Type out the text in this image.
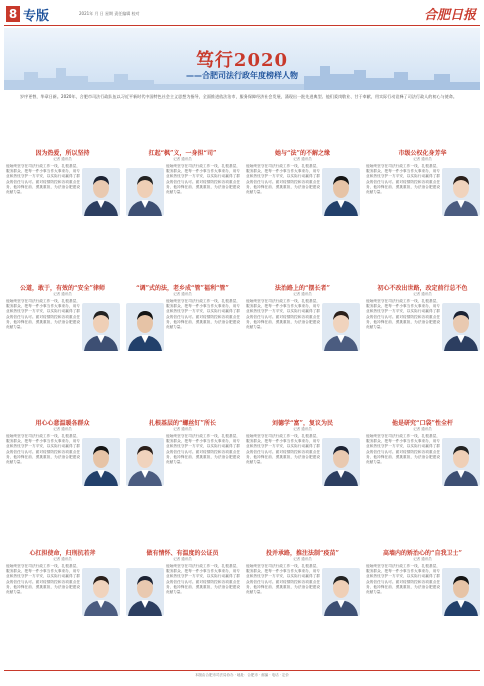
8 专版	2021年 月 日 星期 责任编辑 校对	合肥日报
笃行2020
——合肥司法行政年度榜样人物
岁序更替，华章日新。2020年，合肥市司法行政队伍以习近平新时代中国特色社会主义思想为指导，全面推进依法治市，服务保障经济社会发展，涌现出一批先进典型。他们爱岗敬业、甘于奉献，用实际行动诠释了司法行政人的初心与使命。
因为热爱，所以坚持
记者 通讯员
他始终坚守在司法行政工作一线，扎根基层，服务群众，把每一件小事当作大事来办，用专业和热忱守护一方平安，以实际行动赢得了群众的信任与认可。面对疫情防控和各项重点任务，他冲锋在前、勇挑重担，为法治合肥建设贡献力量。
扛起“枫”义，一身担“司”
记者 通讯员
他始终坚守在司法行政工作一线，扎根基层，服务群众，把每一件小事当作大事来办，用专业和热忱守护一方平安，以实际行动赢得了群众的信任与认可。面对疫情防控和各项重点任务，他冲锋在前、勇挑重担，为法治合肥建设贡献力量。
她与“法”的不解之缘
记者 通讯员
他始终坚守在司法行政工作一线，扎根基层，服务群众，把每一件小事当作大事来办，用专业和热忱守护一方平安，以实际行动赢得了群众的信任与认可。面对疫情防控和各项重点任务，他冲锋在前、勇挑重担，为法治合肥建设贡献力量。
市级公权化身芳华
记者 通讯员
他始终坚守在司法行政工作一线，扎根基层，服务群众，把每一件小事当作大事来办，用专业和热忱守护一方平安，以实际行动赢得了群众的信任与认可。面对疫情防控和各项重点任务，他冲锋在前、勇挑重担，为法治合肥建设贡献力量。
公道，敢于，有效的“安全”律师
记者 通讯员
他始终坚守在司法行政工作一线，扎根基层，服务群众，把每一件小事当作大事来办，用专业和热忱守护一方平安，以实际行动赢得了群众的信任与认可。面对疫情防控和各项重点任务，他冲锋在前、勇挑重担，为法治合肥建设贡献力量。
“调”式的法，老乡成“管”福利“管”
记者 通讯员
他始终坚守在司法行政工作一线，扎根基层，服务群众，把每一件小事当作大事来办，用专业和热忱守护一方平安，以实际行动赢得了群众的信任与认可。面对疫情防控和各项重点任务，他冲锋在前、勇挑重担，为法治合肥建设贡献力量。
法治路上的“摆长者”
记者 通讯员
他始终坚守在司法行政工作一线，扎根基层，服务群众，把每一件小事当作大事来办，用专业和热忱守护一方平安，以实际行动赢得了群众的信任与认可。面对疫情防控和各项重点任务，他冲锋在前、勇挑重担，为法治合肥建设贡献力量。
初心不改出世路，改定前行总不色
记者 通讯员
他始终坚守在司法行政工作一线，扎根基层，服务群众，把每一件小事当作大事来办，用专业和热忱守护一方平安，以实际行动赢得了群众的信任与认可。面对疫情防控和各项重点任务，他冲锋在前、勇挑重担，为法治合肥建设贡献力量。
用心心意温暖各群众
记者 通讯员
他始终坚守在司法行政工作一线，扎根基层，服务群众，把每一件小事当作大事来办，用专业和热忱守护一方平安，以实际行动赢得了群众的信任与认可。面对疫情防控和各项重点任务，他冲锋在前、勇挑重担，为法治合肥建设贡献力量。
扎根基层的“螺丝钉”所长
记者 通讯员
他始终坚守在司法行政工作一线，扎根基层，服务群众，把每一件小事当作大事来办，用专业和热忱守护一方平安，以实际行动赢得了群众的信任与认可。面对疫情防控和各项重点任务，他冲锋在前、勇挑重担，为法治合肥建设贡献力量。
刘德学“富”，复议为民
记者 通讯员
他始终坚守在司法行政工作一线，扎根基层，服务群众，把每一件小事当作大事来办，用专业和热忱守护一方平安，以实际行动赢得了群众的信任与认可。面对疫情防控和各项重点任务，他冲锋在前、勇挑重担，为法治合肥建设贡献力量。
他是研究“口袋”性全杆
记者 通讯员
他始终坚守在司法行政工作一线，扎根基层，服务群众，把每一件小事当作大事来办，用专业和热忱守护一方平安，以实际行动赢得了群众的信任与认可。面对疫情防控和各项重点任务，他冲锋在前、勇挑重担，为法治合肥建设贡献力量。
心扛担使命，归刑抗若斧
记者 通讯员
他始终坚守在司法行政工作一线，扎根基层，服务群众，把每一件小事当作大事来办，用专业和热忱守护一方平安，以实际行动赢得了群众的信任与认可。面对疫情防控和各项重点任务，他冲锋在前、勇挑重担，为法治合肥建设贡献力量。
做有情怀、有温度的公证员
记者 通讯员
他始终坚守在司法行政工作一线，扎根基层，服务群众，把每一件小事当作大事来办，用专业和热忱守护一方平安，以实际行动赢得了群众的信任与认可。面对疫情防控和各项重点任务，他冲锋在前、勇挑重担，为法治合肥建设贡献力量。
投并承路，推注法制“疫苗”
记者 通讯员
他始终坚守在司法行政工作一线，扎根基层，服务群众，把每一件小事当作大事来办，用专业和热忱守护一方平安，以实际行动赢得了群众的信任与认可。面对疫情防控和各项重点任务，他冲锋在前、勇挑重担，为法治合肥建设贡献力量。
高墙内的矫治心的“自我卫士”
记者 通讯员
他始终坚守在司法行政工作一线，扎根基层，服务群众，把每一件小事当作大事来办，用专业和热忱守护一方平安，以实际行动赢得了群众的信任与认可。面对疫情防控和各项重点任务，他冲锋在前、勇挑重担，为法治合肥建设贡献力量。
本版由合肥市司法局协办 · 地址：合肥市 · 邮编 · 电话 · 定价
